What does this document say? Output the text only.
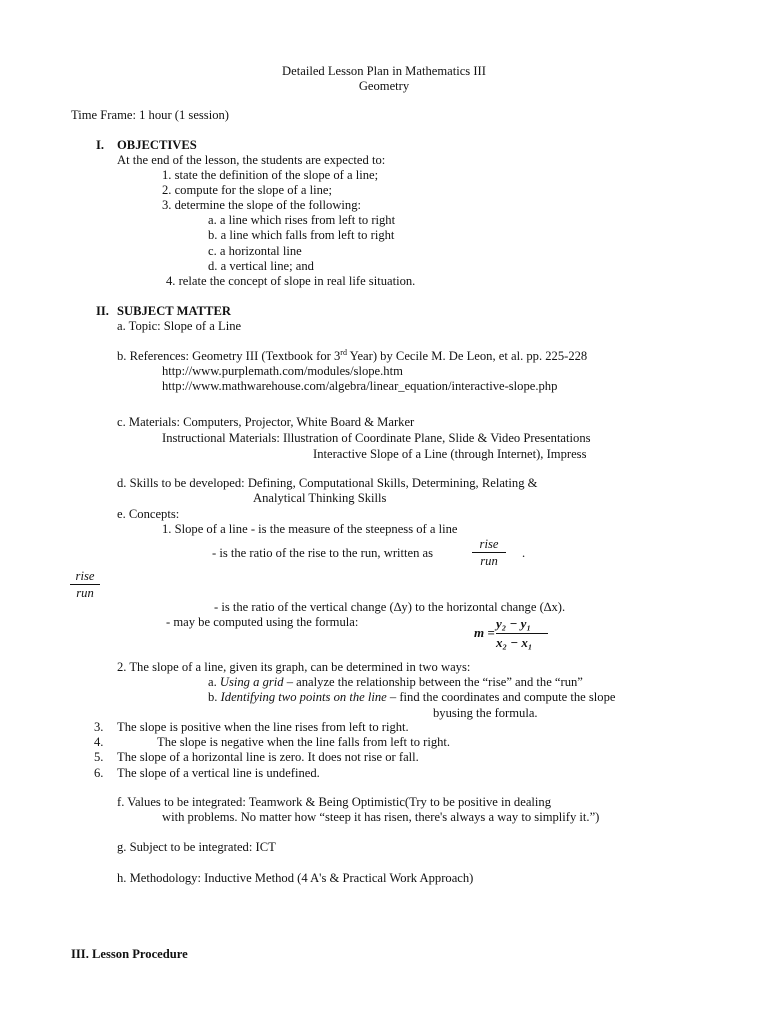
Detailed Lesson Plan in Mathematics III
Geometry
Time Frame: 1 hour (1 session)
I. OBJECTIVES
At the end of the lesson, the students are expected to:
1. state the definition of the slope of a line;
2. compute for the slope of a line;
3. determine the slope of the following:
a. a line which rises from left to right
b. a line which falls from left to right
c. a horizontal line
d. a vertical line; and
4. relate the concept of slope in real life situation.
II. SUBJECT MATTER
a. Topic: Slope of a Line
b. References: Geometry III (Textbook for 3rd Year) by Cecile M. De Leon, et al. pp. 225-228
http://www.purplemath.com/modules/slope.htm
http://www.mathwarehouse.com/algebra/linear_equation/interactive-slope.php
c. Materials: Computers, Projector, White Board & Marker
Instructional Materials: Illustration of Coordinate Plane, Slide & Video Presentations
Interactive Slope of a Line (through Internet), Impress
d. Skills to be developed: Defining, Computational Skills, Determining, Relating &
Analytical Thinking Skills
e. Concepts:
1. Slope of a line - is the measure of the steepness of a line
- is the ratio of the rise to the run, written as
rise
run
.
rise
run
- is the ratio of the vertical change (∆y) to the horizontal change (∆x).
- may be computed using the formula:
m =
y₂ − y₁
x₂ − x₁
2. The slope of a line, given its graph, can be determined in two ways:
a. Using a grid – analyze the relationship between the “rise” and the “run”
b. Identifying two points on the line – find the coordinates and compute the slope
byusing the formula.
3. The slope is positive when the line rises from left to right.
4.	The slope is negative when the line falls from left to right.
5. The slope of a horizontal line is zero. It does not rise or fall.
6. The slope of a vertical line is undefined.
f. Values to be integrated: Teamwork & Being Optimistic(Try to be positive in dealing
with problems. No matter how “steep it has risen, there's always a way to simplify it.”)
g. Subject to be integrated: ICT
h. Methodology: Inductive Method (4 A's & Practical Work Approach)
III. Lesson Procedure
